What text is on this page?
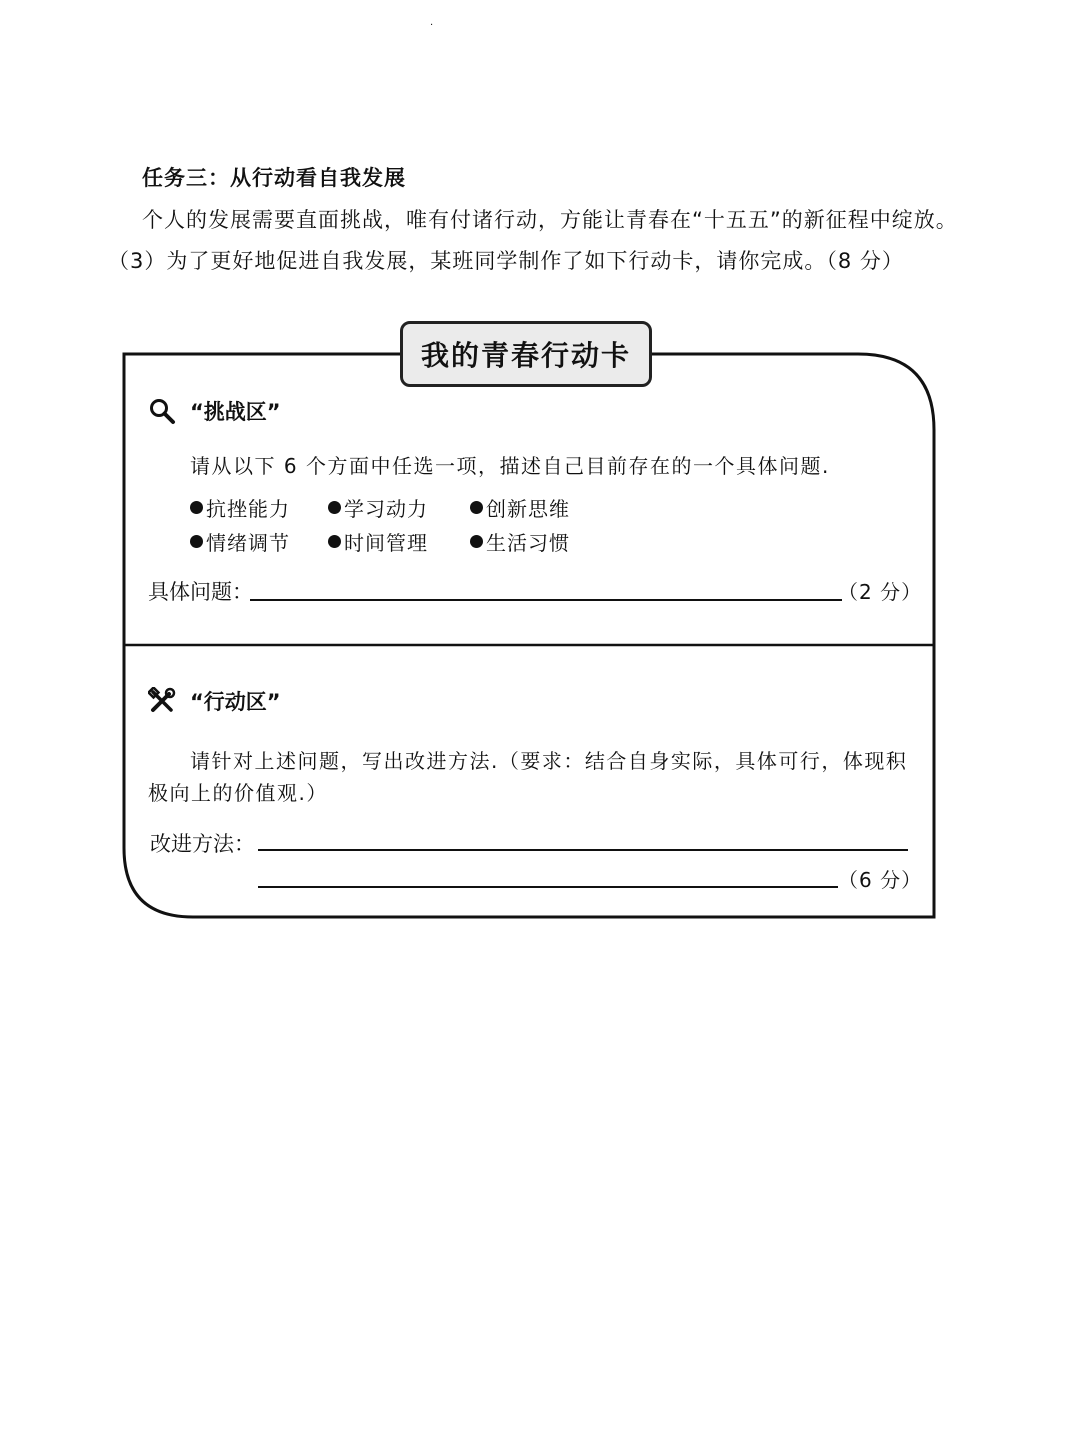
·
任务三：从行动看自我发展
个人的发展需要直面挑战，唯有付诸行动，方能让青春在“十五五”的新征程中绽放。
（3）为了更好地促进自我发展，某班同学制作了如下行动卡，请你完成。（8 分）
我的青春行动卡
“挑战区”
请从以下 6 个方面中任选一项，描述自己目前存在的一个具体问题.
抗挫能力	学习动力	创新思维
情绪调节	时间管理	生活习惯
具体问题：	（2 分）
“行动区”
请针对上述问题，写出改进方法.（要求：结合自身实际，具体可行，体现积
极向上的价值观.）
改进方法：
（6 分）
